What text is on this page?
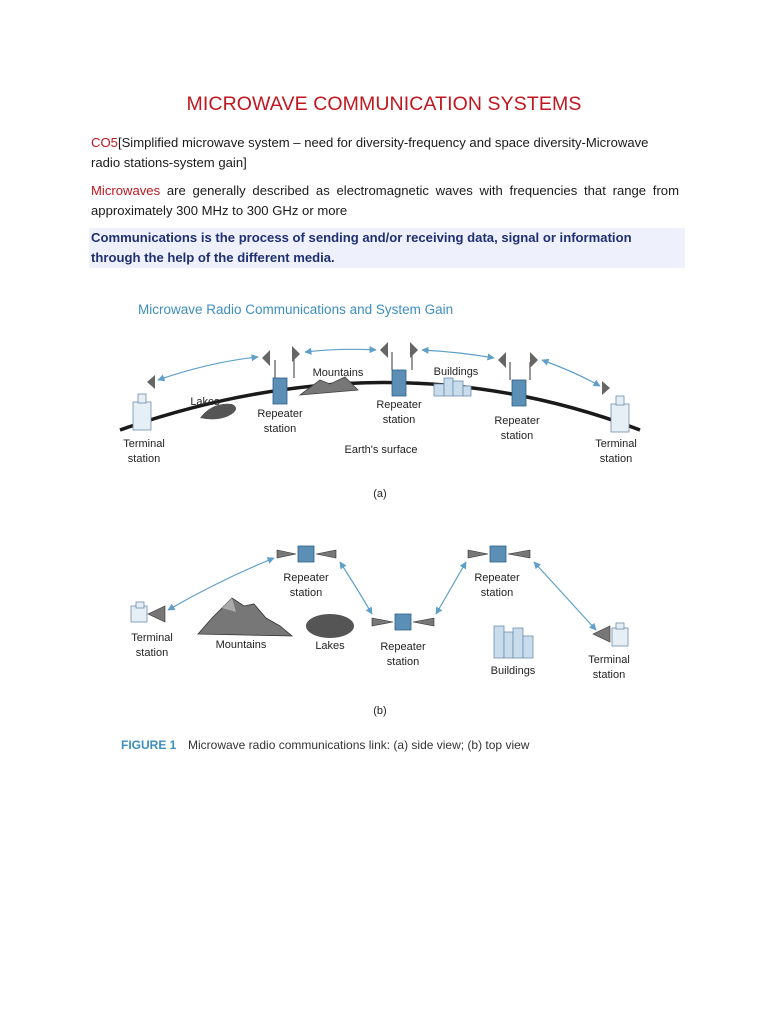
MICROWAVE COMMUNICATION SYSTEMS
CO5[Simplified microwave system – need for diversity-frequency and space diversity-Microwave radio stations-system gain]
Microwaves are generally described as electromagnetic waves with frequencies that range from approximately 300 MHz to 300 GHz or more
Communications is the process of sending and/or receiving data, signal or information through the help of the different media.
Microwave Radio Communications and System Gain
Terminal
station
Lakes
Repeater
station
Mountains
Repeater
station
Buildings
Repeater
station
Terminal
station
Earth's surface
(a)
Terminal
station
Repeater
station
Mountains	Lakes	Repeater
station
Repeater
station
Buildings
Terminal
station
(b)
FIGURE 1 Microwave radio communications link: (a) side view; (b) top view
